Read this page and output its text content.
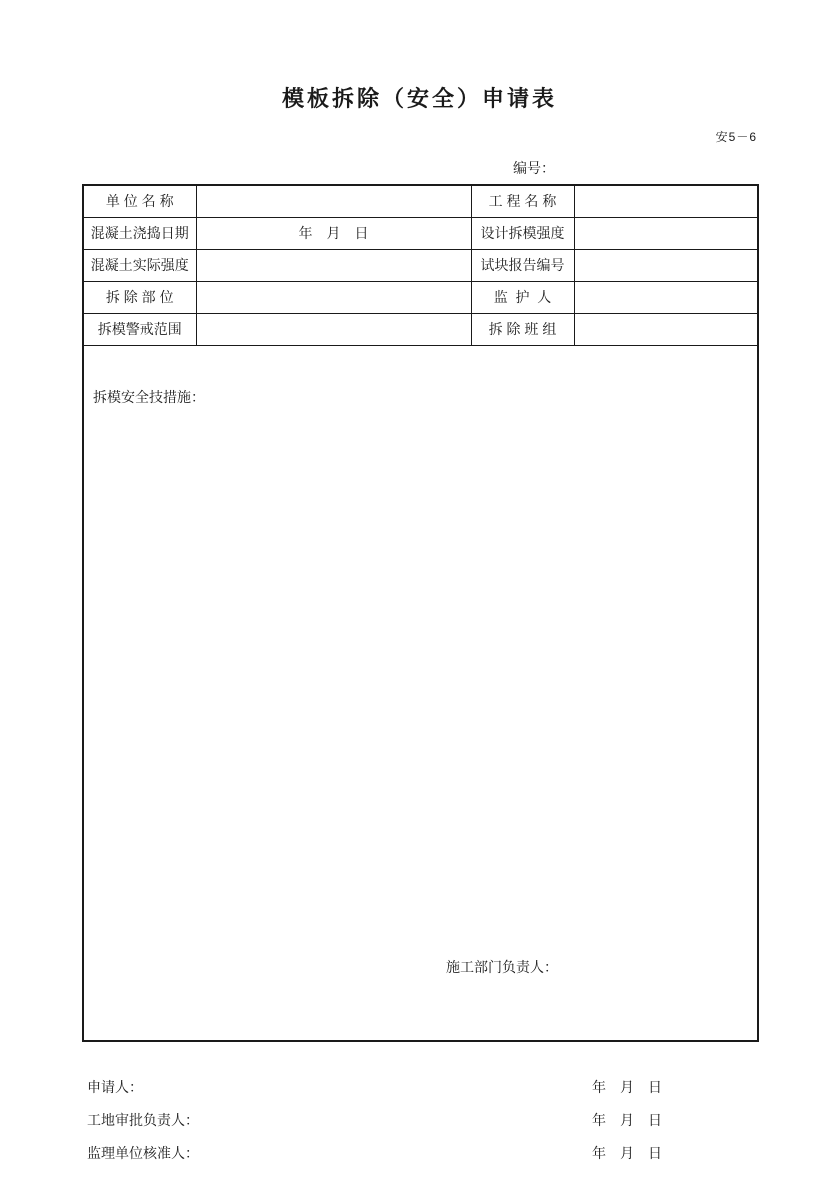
模板拆除（安全）申请表
安5－6
编号：
单 位 名 称		工 程 名 称	
混凝土浇捣日期	年　月　日	设计拆模强度	
混凝土实际强度		试块报告编号	
拆 除 部 位		监  护  人	
拆模警戒范围		拆 除 班 组	

拆模安全技措施：

施工部门负责人：			

申请人：	年　月　日
工地审批负责人：	年　月　日
监理单位核准人：	年　月　日
